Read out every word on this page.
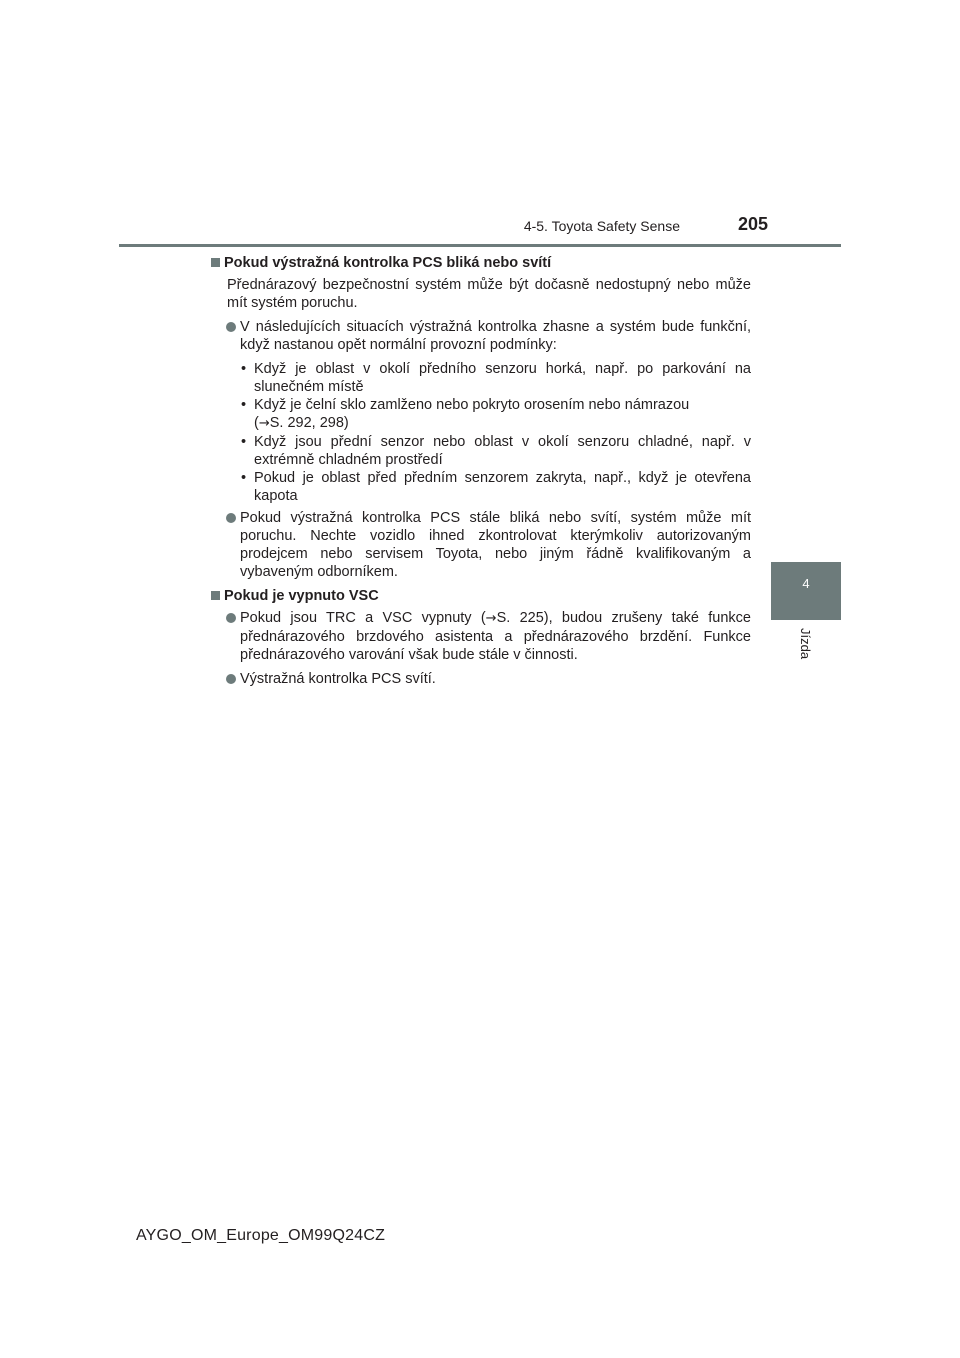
4-5. Toyota Safety Sense	205
4
Jízda
Pokud výstražná kontrolka PCS bliká nebo svítí
Přednárazový bezpečnostní systém může být dočasně nedostupný nebo může mít systém poruchu.
V následujících situacích výstražná kontrolka zhasne a systém bude funkční, když nastanou opět normální provozní podmínky:
• Když je oblast v okolí předního senzoru horká, např. po parkování na slunečném místě
• Když je čelní sklo zamlženo nebo pokryto orosením nebo námrazou
(→S. 292, 298)
• Když jsou přední senzor nebo oblast v okolí senzoru chladné, např. v extrémně chladném prostředí
• Pokud je oblast před předním senzorem zakryta, např., když je otevřena kapota
Pokud výstražná kontrolka PCS stále bliká nebo svítí, systém může mít poruchu. Nechte vozidlo ihned zkontrolovat kterýmkoliv autorizovaným prodejcem nebo servisem Toyota, nebo jiným řádně kvalifikovaným a vybaveným odborníkem.
Pokud je vypnuto VSC
Pokud jsou TRC a VSC vypnuty (→S. 225), budou zrušeny také funkce přednárazového brzdového asistenta a přednárazového brzdění. Funkce přednárazového varování však bude stále v činnosti.
Výstražná kontrolka PCS svítí.
AYGO_OM_Europe_OM99Q24CZ
